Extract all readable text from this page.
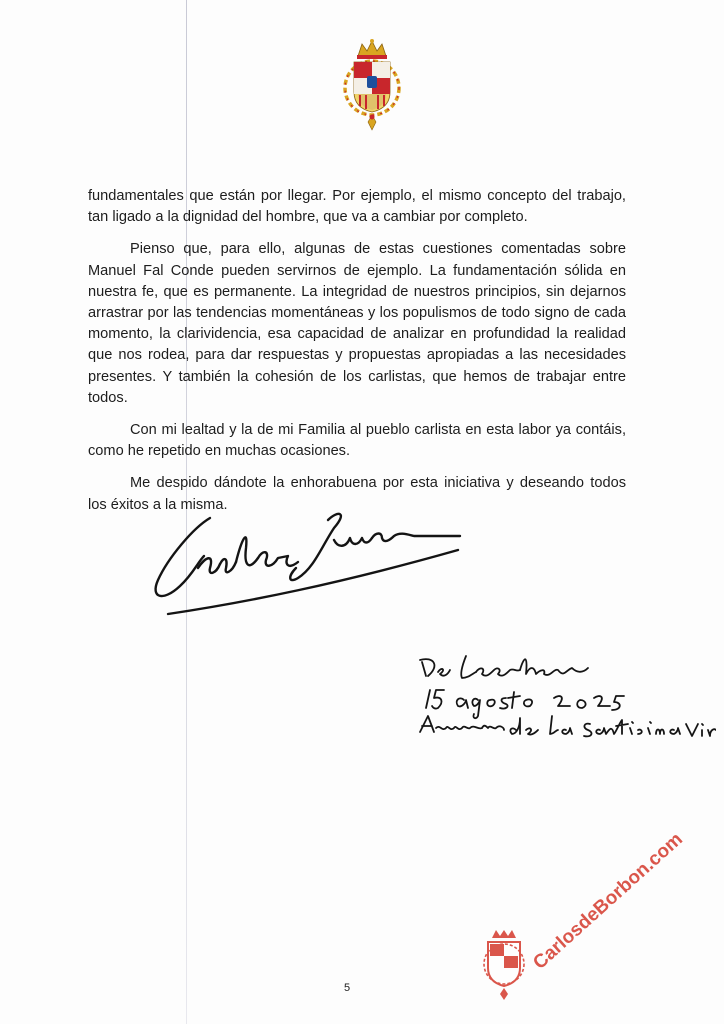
fundamentales que están por llegar. Por ejemplo, el mismo concepto del trabajo, tan ligado a la dignidad del hombre, que va a cambiar por completo.

Pienso que, para ello, algunas de estas cuestiones comentadas sobre Manuel Fal Conde pueden servirnos de ejemplo. La fundamentación sólida en nuestra fe, que es permanente. La integridad de nuestros principios, sin dejarnos arrastrar por las tendencias momentáneas y los populismos de todo signo de cada momento, la clarividencia, esa capacidad de analizar en profundidad la realidad que nos rodea, para dar respuestas y propuestas apropiadas a las necesidades presentes. Y también la cohesión de los carlistas, que hemos de trabajar entre todos.

Con mi lealtad y la de mi Familia al pueblo carlista en esta labor ya contáis, como he repetido en muchas ocasiones.

Me despido dándote la enhorabuena por esta iniciativa y deseando todos los éxitos a la misma.

CarlosdeBorbon.com
5
